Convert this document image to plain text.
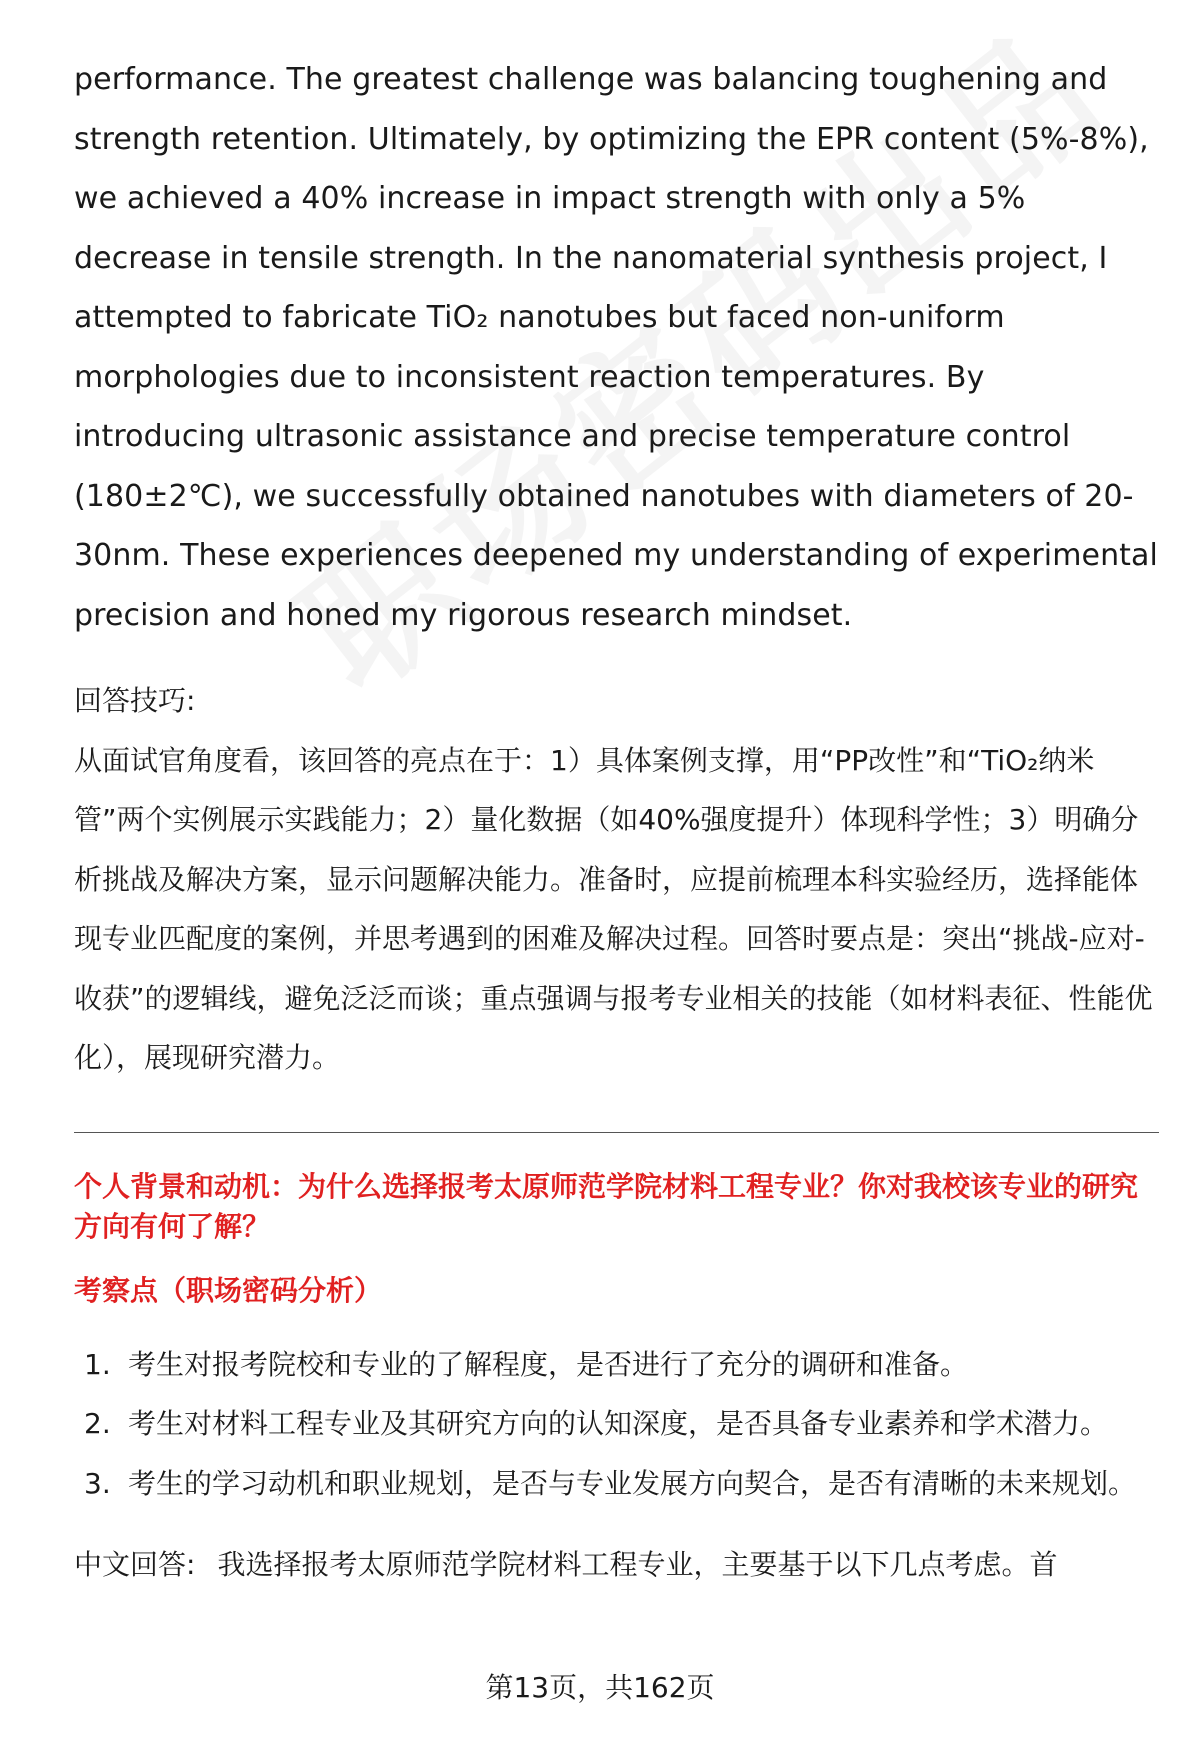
performance. The greatest challenge was balancing toughening and strength retention. Ultimately, by optimizing the EPR content (5%-8%), we achieved a 40% increase in impact strength with only a 5% decrease in tensile strength. In the nanomaterial synthesis project, I attempted to fabricate TiO₂ nanotubes but faced non-uniform morphologies due to inconsistent reaction temperatures. By introducing ultrasonic assistance and precise temperature control (180±2℃), we successfully obtained nanotubes with diameters of 20-30nm. These experiences deepened my understanding of experimental precision and honed my rigorous research mindset.

回答技巧:

从面试官角度看，该回答的亮点在于：1）具体案例支撑，用“PP改性”和“TiO₂纳米管”两个实例展示实践能力；2）量化数据（如40%强度提升）体现科学性；3）明确分析挑战及解决方案，显示问题解决能力。准备时，应提前梳理本科实验经历，选择能体现专业匹配度的案例，并思考遇到的困难及解决过程。回答时要点是：突出“挑战-应对-收获”的逻辑线，避免泛泛而谈；重点强调与报考专业相关的技能（如材料表征、性能优化），展现研究潜力。

个人背景和动机：为什么选择报考太原师范学院材料工程专业？你对我校该专业的研究方向有何了解？

考察点（职场密码分析）

1. 考生对报考院校和专业的了解程度，是否进行了充分的调研和准备。
2. 考生对材料工程专业及其研究方向的认知深度，是否具备专业素养和学术潜力。
3. 考生的学习动机和职业规划，是否与专业发展方向契合，是否有清晰的未来规划。

中文回答: 我选择报考太原师范学院材料工程专业，主要基于以下几点考虑。首

第13页，共162页
